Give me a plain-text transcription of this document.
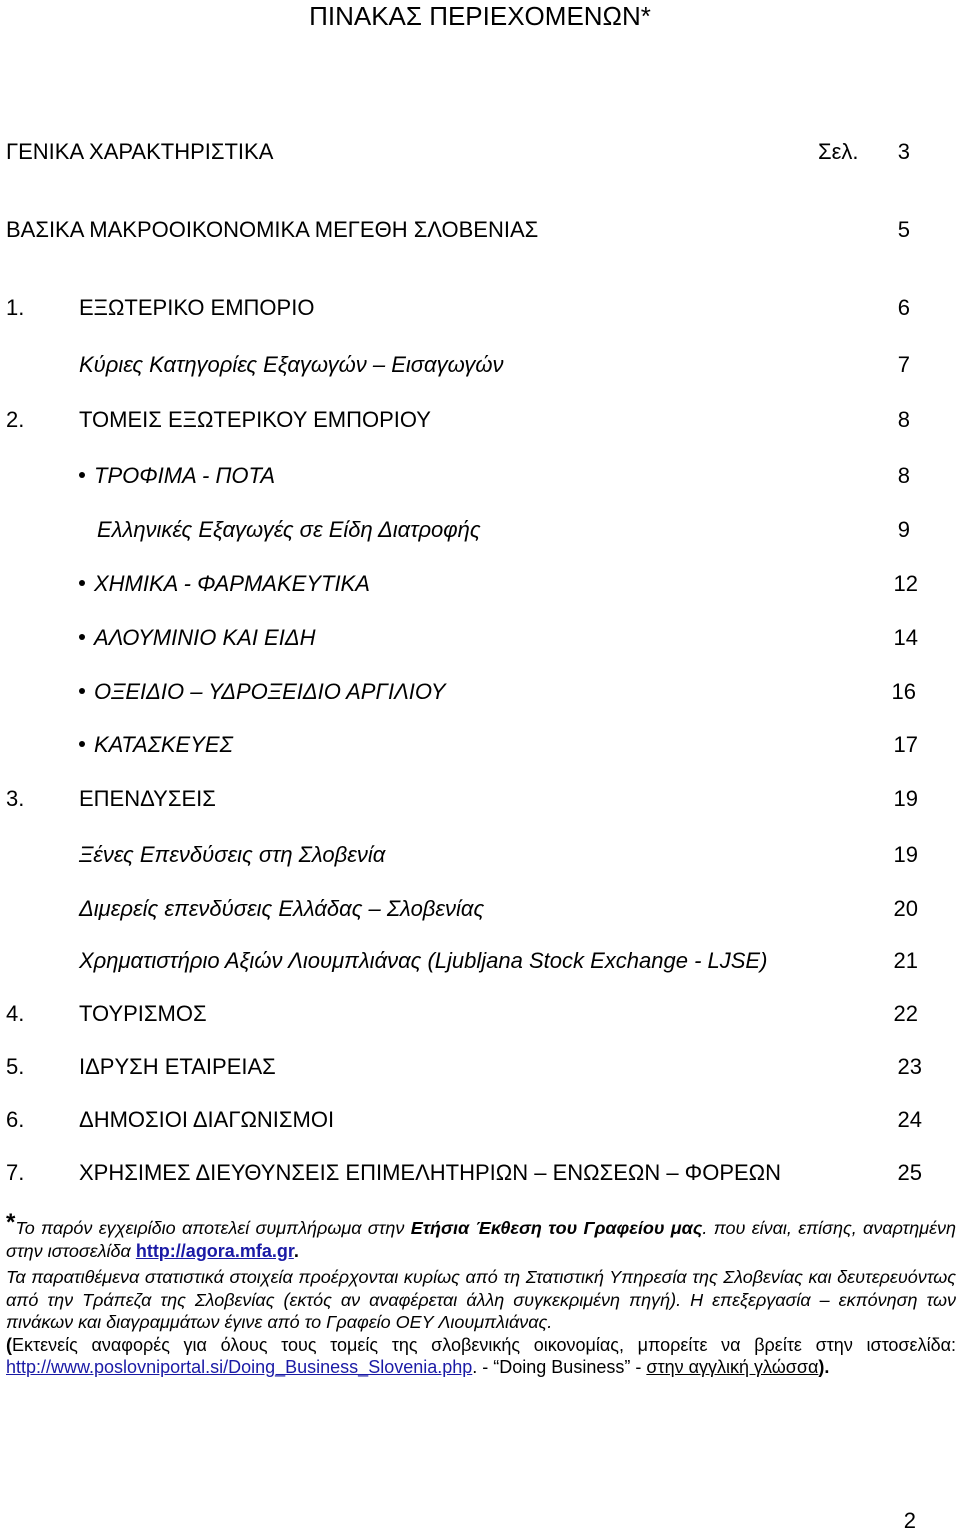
ΠΙΝΑΚΑΣ ΠΕΡΙΕΧΟΜΕΝΩΝ*
ΓΕΝΙΚΑ ΧΑΡΑΚΤΗΡΙΣΤΙΚΑ	Σελ.	3
ΒΑΣΙΚΑ ΜΑΚΡΟΟΙΚΟΝΟΜΙΚΑ ΜΕΓΕΘΗ ΣΛΟΒΕΝΙΑΣ	5
1. ΕΞΩΤΕΡΙΚΟ ΕΜΠΟΡΙΟ	6
Κύριες Κατηγορίες Εξαγωγών – Εισαγωγών	7
2. ΤΟΜΕΙΣ ΕΞΩΤΕΡΙΚΟΥ ΕΜΠΟΡΙΟΥ	8
ΤΡΟΦΙΜΑ - ΠΟΤΑ	8
Ελληνικές Εξαγωγές σε Είδη Διατροφής	9
ΧΗΜΙΚΑ - ΦΑΡΜΑΚΕΥΤΙΚΑ	12
ΑΛΟΥΜΙΝΙΟ ΚΑΙ ΕΙΔΗ	14
ΟΞΕΙΔΙΟ – ΥΔΡΟΞΕΙΔΙΟ ΑΡΓΙΛΙΟΥ	16
ΚΑΤΑΣΚΕΥΕΣ	17
3. ΕΠΕΝΔΥΣΕΙΣ	19
Ξένες Επενδύσεις στη Σλοβενία	19
Διμερείς επενδύσεις Ελλάδας – Σλοβενίας	20
Χρηματιστήριο Αξιών Λιουμπλιάνας (Ljubljana Stock Exchange - LJSE)	21
4. ΤΟΥΡΙΣΜΟΣ	22
5. ΙΔΡΥΣΗ ΕΤΑΙΡΕΙΑΣ	23
6. ΔΗΜΟΣΙΟΙ ΔΙΑΓΩΝΙΣΜΟΙ	24
7. ΧΡΗΣΙΜΕΣ ΔΙΕΥΘΥΝΣΕΙΣ ΕΠΙΜΕΛΗΤΗΡΙΩΝ – ΕΝΩΣΕΩΝ – ΦΟΡΕΩΝ	25

*Το παρόν εγχειρίδιο αποτελεί συμπλήρωμα στην Ετήσια Έκθεση του Γραφείου μας. που είναι, επίσης, αναρτημένη στην ιστοσελίδα http://agora.mfa.gr.

Τα παρατιθέμενα στατιστικά στοιχεία προέρχονται κυρίως από τη Στατιστική Υπηρεσία της Σλοβενίας και δευτερευόντως από την Τράπεζα της Σλοβενίας (εκτός αν αναφέρεται άλλη συγκεκριμένη πηγή). Η επεξεργασία – εκπόνηση των πινάκων και διαγραμμάτων έγινε από το Γραφείο ΟΕΥ Λιουμπλιάνας.

(Εκτενείς αναφορές για όλους τους τομείς της σλοβενικής οικονομίας, μπορείτε να βρείτε στην ιστοσελίδα: http://www.poslovniportal.si/Doing_Business_Slovenia.php. - “Doing Business” - στην αγγλική γλώσσα).

2
